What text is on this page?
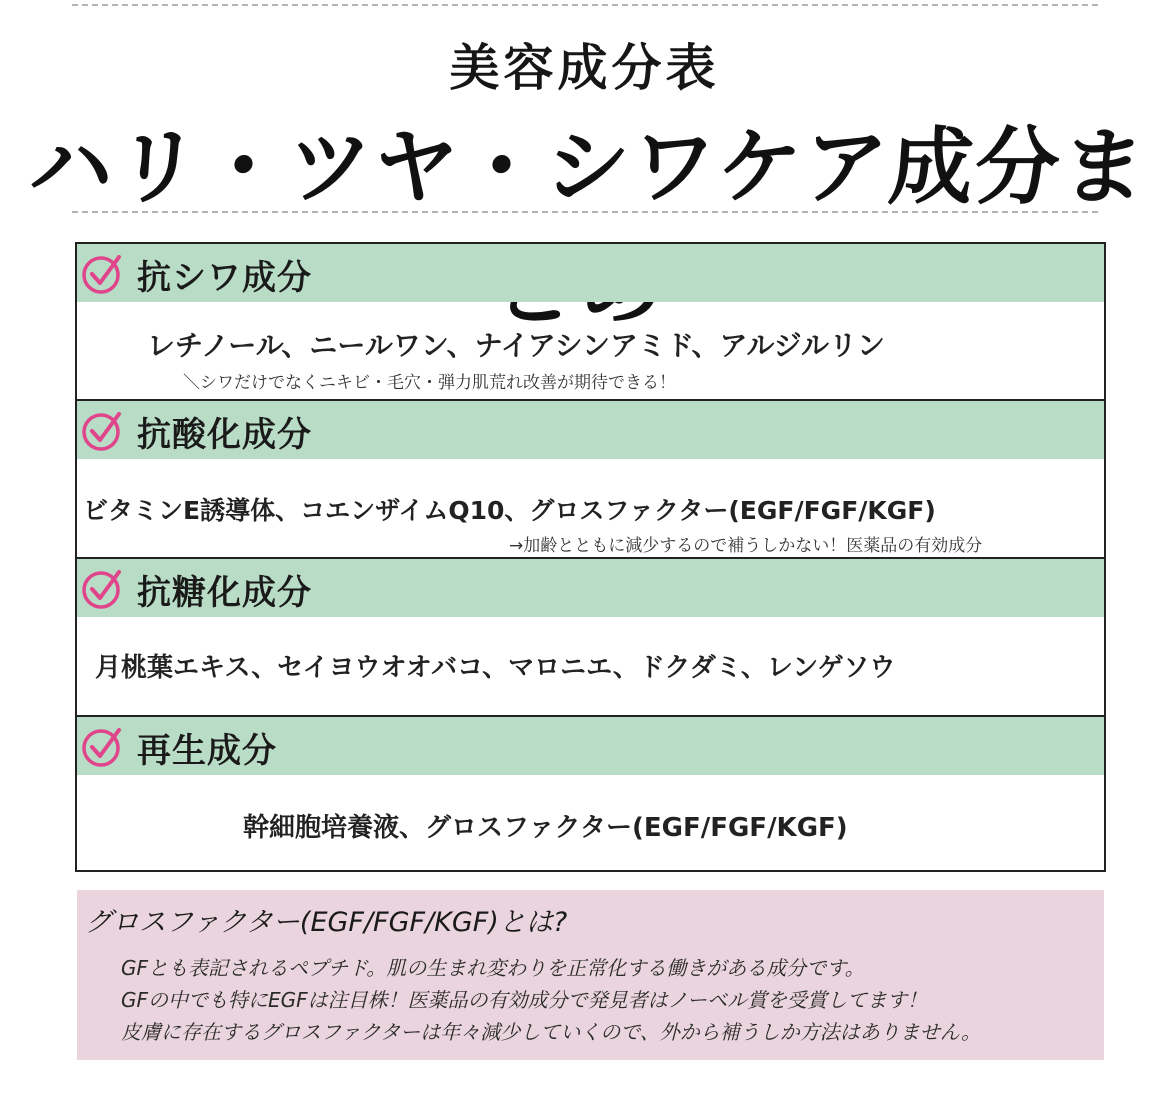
美容成分表
ハリ・ツヤ・シワケア成分まとめ
抗シワ成分
レチノール、ニールワン、ナイアシンアミド、アルジルリン
＼シワだけでなくニキビ・毛穴・弾力肌荒れ改善が期待できる！
抗酸化成分
ビタミンE誘導体、コエンザイムQ10、グロスファクター(EGF/FGF/KGF)
→加齢とともに減少するので補うしかない！医薬品の有効成分
抗糖化成分
月桃葉エキス、セイヨウオオバコ、マロニエ、ドクダミ、レンゲソウ
再生成分
幹細胞培養液、グロスファクター(EGF/FGF/KGF)
グロスファクター(EGF/FGF/KGF)とは?
GFとも表記されるペプチド。肌の生まれ変わりを正常化する働きがある成分です。
GFの中でも特にEGFは注目株！医薬品の有効成分で発見者はノーベル賞を受賞してます！
皮膚に存在するグロスファクターは年々減少していくので、外から補うしか方法はありません。
